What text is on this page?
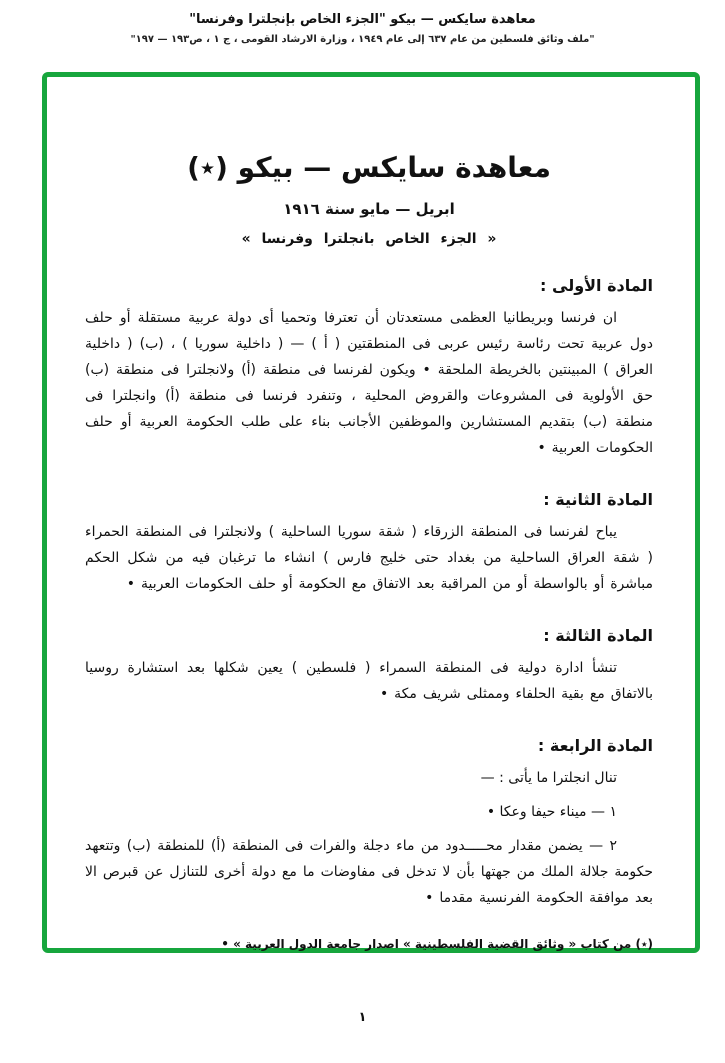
معاهدة سايكس — بيكو "الجزء الخاص بإنجلترا وفرنسا"
"ملف وثائق فلسطين من عام ٦٣٧ إلى عام ١٩٤٩ ، وزارة الارشاد القومى ، ج ١ ، ص١٩٣ — ١٩٧"
معاهدة سايكس — بيكو (٭)
ابريل — مايو سنة ١٩١٦
« الجزء الخاص بانجلترا وفرنسا »
المادة الأولى :

ان فرنسا وبريطانيا العظمى مستعدتان أن تعترفا وتحميا أى دولة عربية مستقلة أو حلف دول عربية تحت رئاسة رئيس عربى فى المنطقتين ( أ ) — ( داخلية سوريا ) ، (ب) ( داخلية العراق ) المبينتين بالخريطة الملحقة • ويكون لفرنسا فى منطقة (أ) ولانجلترا فى منطقة (ب) حق الأولوية فى المشروعات والقروض المحلية ، وتنفرد فرنسا فى منطقة (أ) وانجلترا فى منطقة (ب) بتقديم المستشارين والموظفين الأجانب بناء على طلب الحكومة العربية أو حلف الحكومات العربية •

المادة الثانية :

يباح لفرنسا فى المنطقة الزرقاء ( شقة سوريا الساحلية ) ولانجلترا فى المنطقة الحمراء ( شقة العراق الساحلية من بغداد حتى خليج فارس ) انشاء ما ترغبان فيه من شكل الحكم مباشرة أو بالواسطة أو من المراقبة بعد الاتفاق مع الحكومة أو حلف الحكومات العربية •

المادة الثالثة :

تنشأ ادارة دولية فى المنطقة السمراء ( فلسطين ) يعين شكلها بعد استشارة روسيا بالاتفاق مع بقية الحلفاء وممثلى شريف مكة •

المادة الرابعة :

تنال انجلترا ما يأتى : —

١ — ميناء حيفا وعكا •

٢ — يضمن مقدار محـــــدود من ماء دجلة والفرات فى المنطقة (أ) للمنطقة (ب) وتتعهد حكومة جلالة الملك من جهتها بأن لا تدخل فى مفاوضات ما مع دولة أخرى للتنازل عن قبرص الا بعد موافقة الحكومة الفرنسية مقدما •

(٭) من كتاب « وثائق القضية الفلسطينية » اصدار جامعة الدول العربية » •
١
